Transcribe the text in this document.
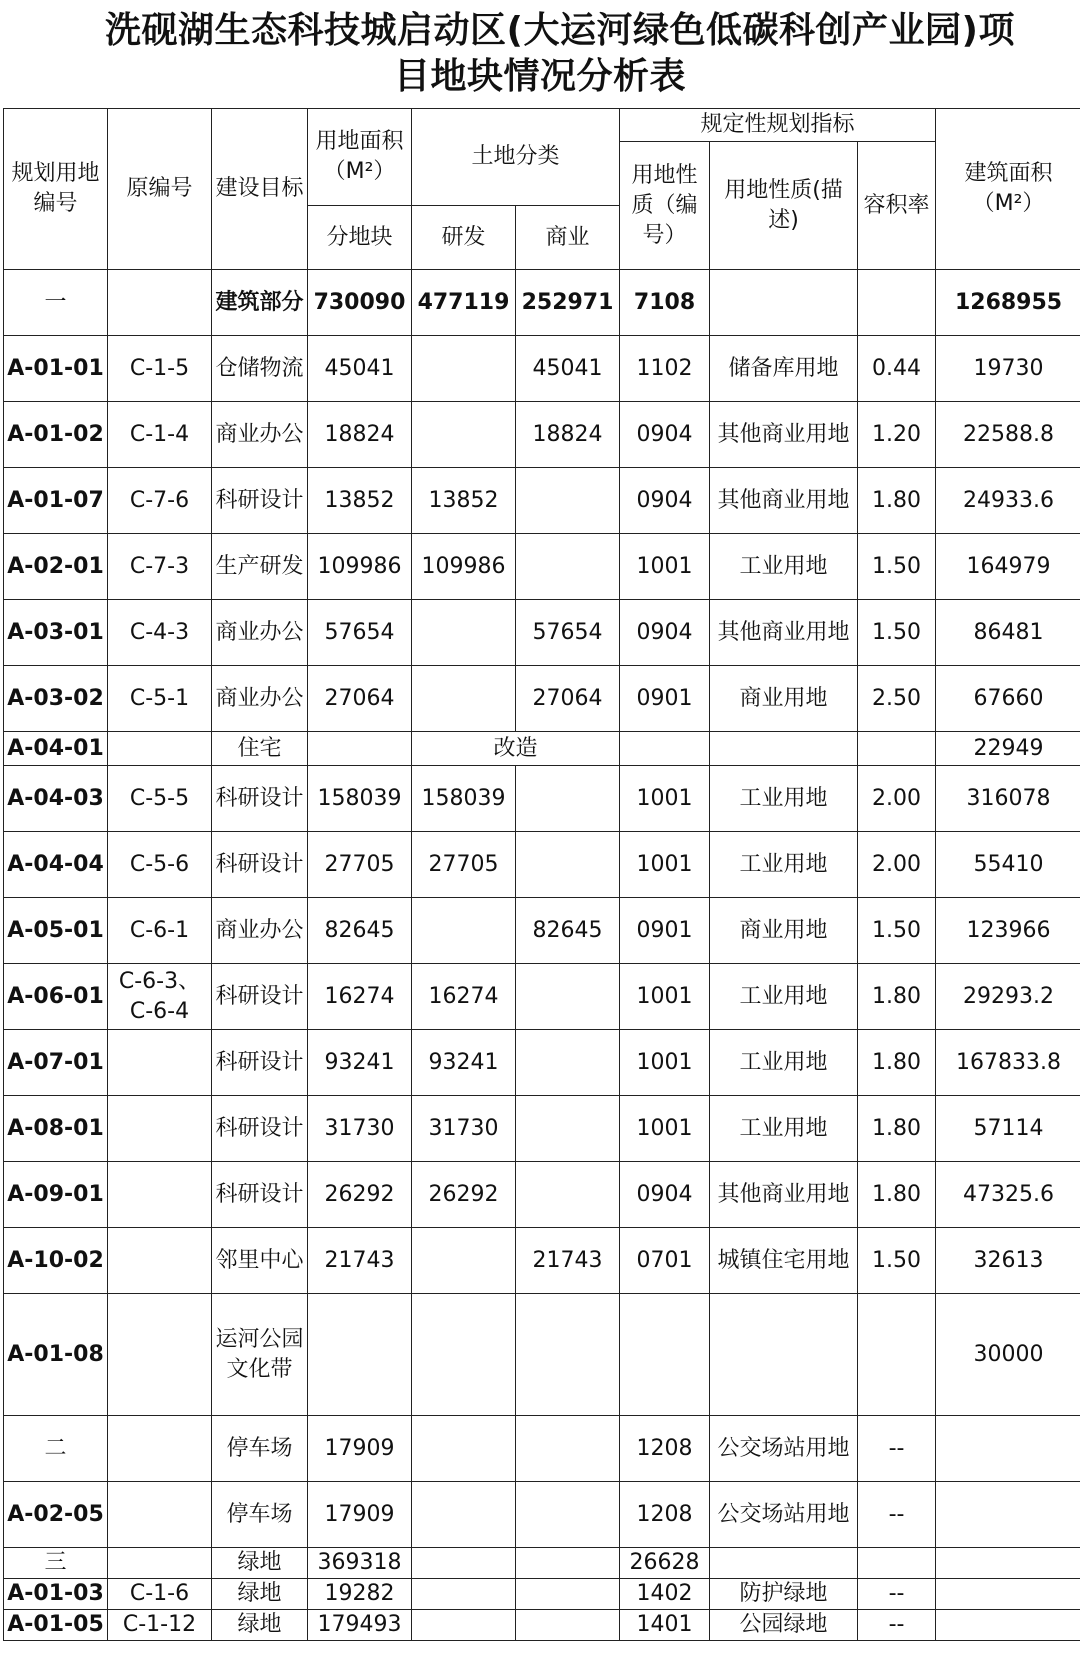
洗砚湖生态科技城启动区(大运河绿色低碳科创产业园)项
目地块情况分析表
规划用地编号	原编号	建设目标	用地面积（M²）	土地分类		规定性规划指标			建筑面积（M²）
						用地性质（编号）	用地性质(描述)	容积率	
			分地块	研发	商业				
一		建筑部分	730090	477119	252971	7108			1268955
A-01-01	C-1-5	仓储物流	45041		45041	1102	储备库用地	0.44	19730
A-01-02	C-1-4	商业办公	18824		18824	0904	其他商业用地	1.20	22588.8
A-01-07	C-7-6	科研设计	13852	13852		0904	其他商业用地	1.80	24933.6
A-02-01	C-7-3	生产研发	109986	109986		1001	工业用地	1.50	164979
A-03-01	C-4-3	商业办公	57654		57654	0904	其他商业用地	1.50	86481
A-03-02	C-5-1	商业办公	27064		27064	0901	商业用地	2.50	67660
A-04-01		住宅		改造					22949
A-04-03	C-5-5	科研设计	158039	158039		1001	工业用地	2.00	316078
A-04-04	C-5-6	科研设计	27705	27705		1001	工业用地	2.00	55410
A-05-01	C-6-1	商业办公	82645		82645	0901	商业用地	1.50	123966
A-06-01	C-6-3、C-6-4	科研设计	16274	16274		1001	工业用地	1.80	29293.2
A-07-01		科研设计	93241	93241		1001	工业用地	1.80	167833.8
A-08-01		科研设计	31730	31730		1001	工业用地	1.80	57114
A-09-01		科研设计	26292	26292		0904	其他商业用地	1.80	47325.6
A-10-02		邻里中心	21743		21743	0701	城镇住宅用地	1.50	32613
A-01-08		运河公园文化带							30000
二		停车场	17909			1208	公交场站用地	--	
A-02-05		停车场	17909			1208	公交场站用地	--	
三		绿地	369318			26628			
A-01-03	C-1-6	绿地	19282			1402	防护绿地	--	
A-01-05	C-1-12	绿地	179493			1401	公园绿地	--	
